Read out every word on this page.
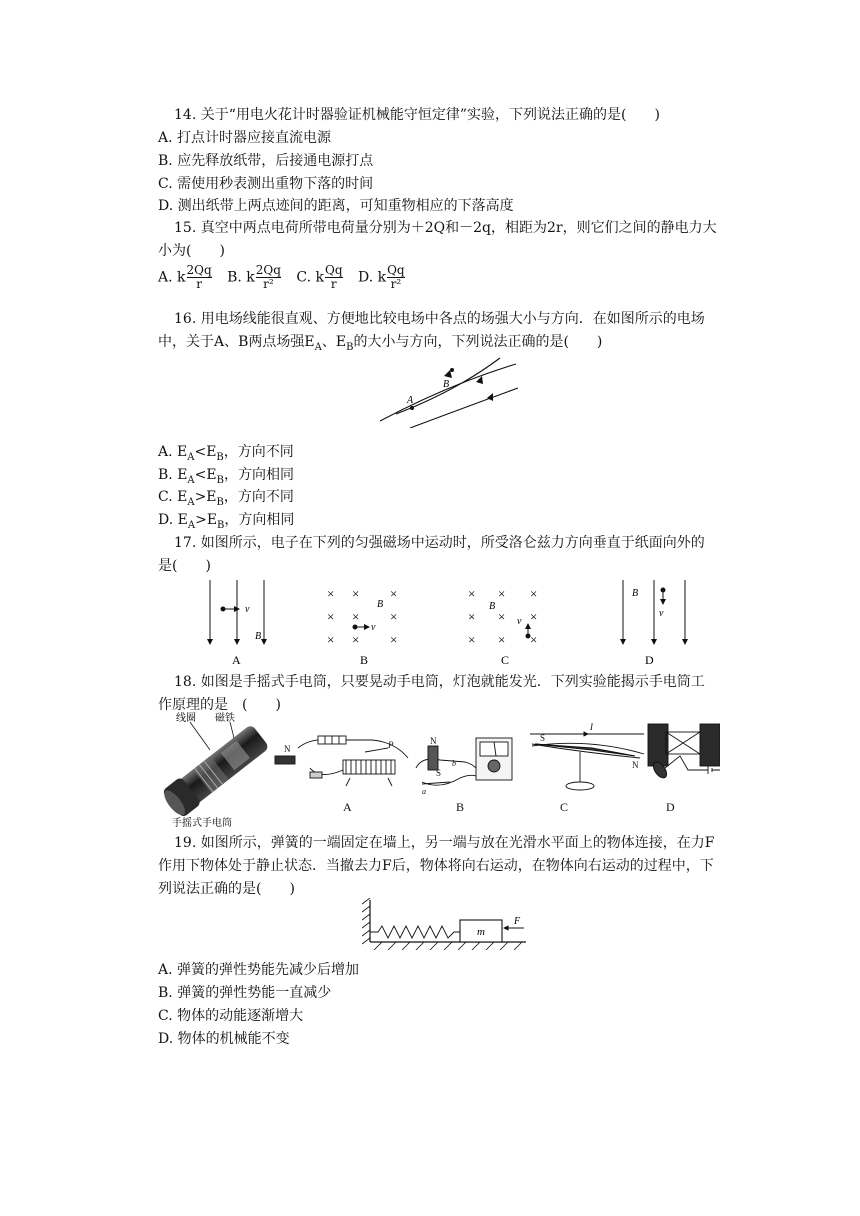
14. 关于“用电火花计时器验证机械能守恒定律”实验，下列说法正确的是(　　)
A. 打点计时器应接直流电源
B. 应先释放纸带，后接通电源打点
C. 需使用秒表测出重物下落的时间
D. 测出纸带上两点迹间的距离，可知重物相应的下落高度
15. 真空中两点电荷所带电荷量分别为＋2Q和－2q，相距为2r，则它们之间的静电力大
小为(　　)
A. k $\frac{2Qq}{r} B$. k $\frac{2Qq}{\text{r²}} C$. k $\frac{Qq}{r} D$. k $\frac{Qq}{\text{r²}}$
16. 用电场线能很直观、方便地比较电场中各点的场强大小与方向．在如图所示的电场
中，关于A、B两点场强$E_A$、$E_B$的大小与方向，下列说法正确的是(　　)
B
A
A. $E_A<E_B$，方向不同
B. $E_A<E_B$，方向相同
C. $E_A>E_B$，方向不同
D. $E_A>E_B$，方向相同
17. 如图所示，电子在下列的匀强磁场中运动时，所受洛仑兹力方向垂直于纸面向外的
是(　　)
v
B
A
× × ×
× × ×
× × ×
B
v
B
× × ×
× × ×
× × ×
B
v
C
B
v
D
18. 如图是手摇式手电筒，只要晃动手电筒，灯泡就能发光．下列实验能揭示手电筒工
作原理的是　(　　)
线圈 磁铁
手摇式手电筒
N	P
A
N
S
b
a
B
S
N
I
C	D
19. 如图所示，弹簧的一端固定在墙上，另一端与放在光滑水平面上的物体连接，在力F
作用下物体处于静止状态．当撤去力F后，物体将向右运动，在物体向右运动的过程中，下
列说法正确的是(　　)
m
F
A. 弹簧的弹性势能先减少后增加
B. 弹簧的弹性势能一直减少
C. 物体的动能逐渐增大
D. 物体的机械能不变
